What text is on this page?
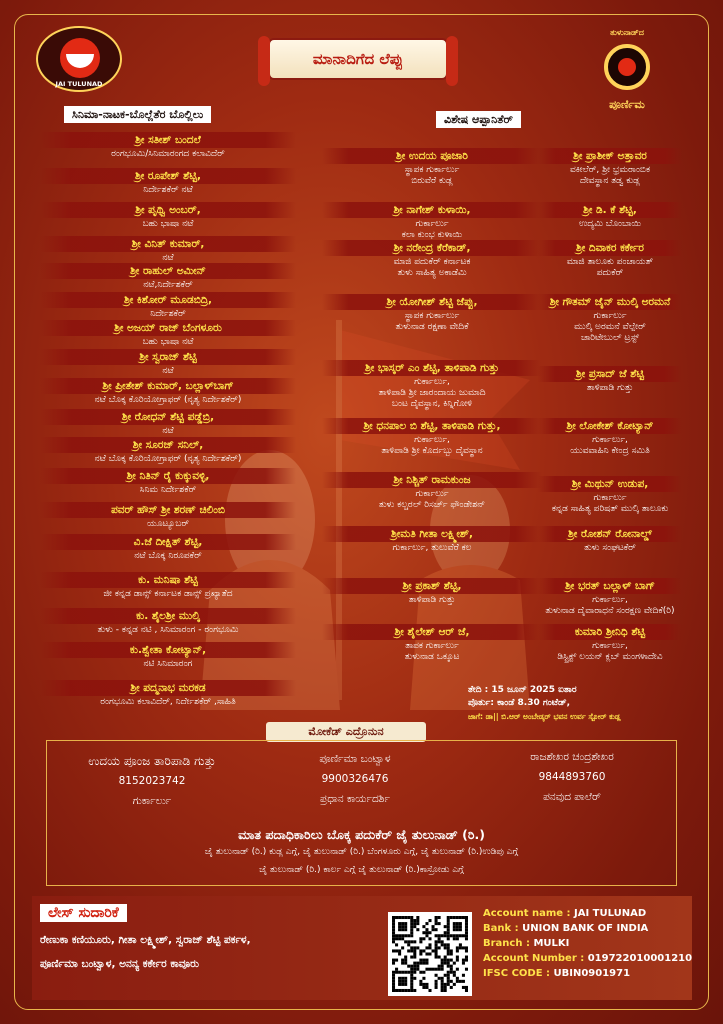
JAI TULUNAD
ತುಳುನಾಡ್‌ದ
ಪೂರ್ಣಿಮ
ಮಾನಾದಿಗೆದ ಲೆಪ್ಪು
ಸಿನಿಮಾ-ನಾಟಕ-ಬೊಲ್ಲೆತೆರ ಬೊಲ್ಲಿಲು	ವಿಶೇಷ ಆಪ್ಪಾನಿತೆರ್
ಶ್ರೀ ಸತೀಶ್ ಬಂದಲೆ
ರಂಗಭೂಮಿ/ಸಿನಿಮಾರಂಗದ ಕಲಾವಿದೆರ್
ಶ್ರೀ ರೂಪೇಶ್ ಶೆಟ್ಟಿ,
ನಿರ್ದೇಶಕೆರ್ ನಟೆ
ಶ್ರೀ ಪೃಥ್ವಿ ಅಂಬರ್,
ಬಹು ಭಾಷಾ ನಟೆ
ಶ್ರೀ ವಿನಿತ್ ಕುಮಾರ್,
ನಟೆ
ಶ್ರೀ ರಾಹುಲ್ ಅಮೀನ್
ನಟೆ,ನಿರ್ದೇಶಕೆರ್
ಶ್ರೀ ಕಿಶೋರ್ ಮೂಡಬಿದ್ರಿ,
ನಿರ್ದೇಶಕೆರ್
ಶ್ರೀ ಅಜಯ್ ರಾಜ್ ಬೆಂಗಳೂರು
ಬಹು ಭಾಷಾ ನಟೆ
ಶ್ರೀ ಸ್ವರಾಜ್ ಶೆಟ್ಟಿ
ನಟೆ
ಶ್ರೀ ಪ್ರೀತೇಶ್ ಕುಮಾರ್, ಬಲ್ಲಾಳ್‌ಬಾಗ್
ನಟೆ ಬೊಕ್ಕ ಕೊರಿಯೋಗ್ರಾಫರ್ (ನೃತ್ಯ ನಿರ್ದೇಶಕೆರ್)
ಶ್ರೀ ರೋಧನ್ ಶೆಟ್ಟಿ ಪಡ್ಡೆಬ್ರಿ,
ನಟೆ
ಶ್ರೀ ಸೂರಜ್ ಸನಿಲ್,
ನಟೆ ಬೊಕ್ಕ ಕೊರಿಯೋಗ್ರಾಫರ್ (ನೃತ್ಯ ನಿರ್ದೇಶಕೆರ್)
ಶ್ರೀ ನಿತಿನ್ ರೈ ಕುಕ್ಕುವಳ್ಳಿ,
ಸಿನಿಮ ನಿರ್ದೇಶಕೆರ್
ಪವರ್ ಹೌಸ್ ಶ್ರೀ ಶರಣ್ ಚಿಲಿಂಬಿ
ಯೂಟ್ಯೂಬರ್
ವಿ.ಜೆ ದೀಕ್ಷಿತ್ ಶೆಟ್ಟಿ,
ನಟೆ ಬೊಕ್ಕ ನಿರೂಪಕೆರ್
ಕು. ಮನಿಷಾ ಶೆಟ್ಟಿ
ಜೀ ಕನ್ನಡ ಡಾನ್ಸ್ ಕರ್ನಾಟಕ ಡಾನ್ಸ್ ಪ್ರಖ್ಯಾತೆದ
ಕು. ಶೈಲಶ್ರೀ ಮುಲ್ಕಿ
ತುಳು - ಕನ್ನಡ ನಟಿ , ಸಿನಿಮಾರಂಗ - ರಂಗಭೂಮಿ
ಕು.ಶ್ವೇತಾ ಕೋಟ್ಯಾನ್,
ನಟಿ ಸಿನಿಮಾರಂಗ
ಶ್ರೀ ಪದ್ಮನಾಭ ಮರಕಡ
ರಂಗಭೂಮಿ ಕಲಾವಿದೆರ್, ನಿರ್ದೇಶಕೆರ್ ,ಸಾಹಿತಿ
ಶ್ರೀ ಉದಯ ಪೂಜಾರಿ
ಸ್ಥಾಪಕ ಗುರ್ಕಾರ್ಲು
ಬಿರುವೆರೆ ಕುಡ್ಲ
ಶ್ರೀ ನಾಗೇಶ್ ಕುಳಾಯಿ,
ಗುರ್ಕಾರ್ಲು
ಕಲಾ ಕುಂಭ ಕುಳಾಯಿ
ಶ್ರೀ ನರೇಂದ್ರ ಕೆರೆಕಾಡ್,
ಮಾಜಿ ಪದುಕೆರ್ ಕರ್ನಾಟಕ
ತುಳು ಸಾಹಿತ್ಯ ಅಕಾಡೆಮಿ
ಶ್ರೀ ಯೋಗೀಶ್ ಶೆಟ್ಟಿ ಜೆಪ್ಪು,
ಸ್ಥಾಪಕ ಗುರ್ಕಾರ್ಲು
ತುಳುನಾಡ ರಕ್ಷಣಾ ವೇದಿಕೆ
ಶ್ರೀ ಭಾಸ್ಕರ್ ಎಂ ಶೆಟ್ಟಿ, ತಾಳಿಪಾಡಿ ಗುತ್ತು
ಗುರ್ಕಾರ್ಲು,
ತಾಳಿಪಾಡಿ ಶ್ರೀ ಜಾರಂದಾಯ ಜುಮಾದಿ
ಬಂಟ ದೈವಸ್ಥಾನ, ಕಿನ್ನಿಗೋಳಿ
ಶ್ರೀ ಧನಪಾಲ ಬಿ ಶೆಟ್ಟಿ, ತಾಳಿಪಾಡಿ ಗುತ್ತು,
ಗುರ್ಕಾರ್ಲು,
ತಾಳಿಪಾಡಿ ಶ್ರೀ ಕೊರ್ದಬ್ಬು ದೈವಸ್ಥಾನ
ಶ್ರೀ ನಿಶ್ಚಿತ್ ರಾಮಕುಂಜ
ಗುರ್ಕಾರ್ಲು
ತುಳು ಕಲ್ಚರಲ್ ರಿಸರ್ಚ್ ಫೌಂಡೇಶನ್
ಶ್ರೀಮತಿ ಗೀತಾ ಲಕ್ಷ್ಮೀಶ್,
ಗುರ್ಕಾರ್ಲು, ತುಲುವೆರೆ ಕಲ
ಶ್ರೀ ಪ್ರಕಾಶ್ ಶೆಟ್ಟಿ,
ತಾಳಿಪಾಡಿ ಗುತ್ತು
ಶ್ರೀ ಶೈಲೇಶ್ ಆರ್ ಜೆ,
ತಾಪಕ ಗುರ್ಕಾರ್ಲು
ತುಳುನಾಡ ಒಕ್ಕೂಟ
ಶ್ರೀ ಪ್ರಾಶೀಕ್ ಅತ್ತಾವರ
ವಕೀಲೆರ್, ಶ್ರೀ ಭ್ರಮರಾಂಬಿಕ
ದೇವಸ್ಥಾನ ತಡ್ವ ಕುಡ್ಲ
ಶ್ರೀ ಡಿ. ಕೆ ಶೆಟ್ಟಿ,
ಉದ್ಯಮಿ ಬೊಂಬಾಯಿ
ಶ್ರೀ ದಿವಾಕರ ಕರ್ಕೇರ
ಮಾಜಿ ತಾಲೂಕು ಪಂಚಾಯತ್
ಪದುಕೆರ್
ಶ್ರೀ ಗೌತಮ್ ಜೈನ್ ಮುಲ್ಕಿ ಅರಮನೆ
ಗುರ್ಕಾರ್ಲು
ಮುಲ್ಕಿ ಅರಮನೆ ವೆಲ್ಪೇರ್
ಚಾರಿಟೇಬುಲ್ ಟ್ರಸ್ಟ್
ಶ್ರೀ ಪ್ರಸಾದ್ ಜೆ ಶೆಟ್ಟಿ
ತಾಳಿಪಾಡಿ ಗುತ್ತು
ಶ್ರೀ ಲೋಕೇಶ್ ಕೋಟ್ಯಾನ್
ಗುರ್ಕಾರ್ಲು,
ಯುವವಾಹಿನಿ ಕೇಂದ್ರ ಸಮಿತಿ
ಶ್ರೀ ಮಿಥುನ್ ಉಡುಪ,
ಗುರ್ಕಾರ್ಲು
ಕನ್ನಡ ಸಾಹಿತ್ಯ ಪರಿಷತ್ ಮುಲ್ಕಿ ತಾಲೂಕು
ಶ್ರೀ ರೋಶನ್ ರೋನಾಲ್ಡ್
ತುಳು ಸಂಘಟಕೆರ್
ಶ್ರೀ ಭರತ್ ಬಲ್ಲಾಳ್ ಬಾಗ್
ಗುರ್ಕಾರ್ಲು,
ತುಳುನಾಡ ದೈವಾರಾಧನೆ ಸಂರಕ್ಷಣ ವೇದಿಕೆ(ರಿ)
ಕುಮಾರಿ ಶ್ರೀನಿಧಿ ಶೆಟ್ಟಿ
ಗುರ್ಕಾರ್ಲು,
ಡಿಸ್ಟ್ರಿಕ್ಟ್ ಲಯನ್ ಕ್ಲಬ್ ಮಂಗಳಾದೇವಿ
ತೇದಿ : 15 ಜೂನ್ 2025 ಐತಾರ
ಪೊರ್ತು: ಕಾಂಡೆ 8.30 ಗಂಟೆಡ್,
ಜಾಗೆ: ಡಾ|| ಬಿ.ಆರ್ ಅಂಬೇಡ್ಕರ್ ಭವನ ಉರ್ವ ಸ್ಟೋರ್ ಕುಡ್ಲ
ಮೋಕೆಡ್ ಎದ್ರೊನುನ
ಉದಯ ಪೂಂಜ ತಾರಿಪಾಡಿ ಗುತ್ತು
8152023742
ಗುರ್ಕಾರ್ಲು
ಪೂರ್ಣಿಮಾ ಬಂಟ್ವಾಳ
9900326476
ಪ್ರಧಾನ ಕಾರ್ಯದರ್ಶಿ
ರಾಜಶೇಖರ ಚಂದ್ರಶೇಖರ
9844893760
ಪನವುದ ಪಾಲೆರ್
ಮಾತ ಪದಾಧಿಕಾರಿಲು ಬೊಕ್ಕ ಪದುಕೆರ್ ಜೈ ತುಲುನಾಡ್ (ರಿ.)
ಜೈ ತುಲುನಾಡ್ (ರಿ.) ಕುಡ್ಲ ಎಗ್ಗೆ, ಜೈ ತುಲುನಾಡ್ (ರಿ.) ಬೆಂಗಳೂರು ಎಗ್ಗೆ, ಜೈ ತುಲುನಾಡ್ (ರಿ.)ಉಡಿಪು ಎಗ್ಗೆ
ಜೈ ತುಲುನಾಡ್ (ರಿ.) ಕಾರ್ಲ ಎಗ್ಗೆ ಜೈ ತುಲುನಾಡ್ (ರಿ.)ಕಾಸ್ರೋಡು ಎಗ್ಗೆ
ಲೇಸ್ ಸುದಾರಿಕೆ
ರೇಣುಕಾ ಕಣಿಯೂರು, ಗೀತಾ ಲಕ್ಷ್ಮೀಶ್, ಸ್ವರಾಜ್ ಶೆಟ್ಟಿ ಪರ್ಕಳ,
ಪೂರ್ಣಿಮಾ ಬಂಟ್ವಾಳ, ಅನನ್ಯ ಕರ್ಕೇರ ಕಾವೂರು
Account name : JAI TULUNAD
Bank : UNION BANK OF INDIA
Branch : MULKI
Account Number : 019722010001210
IFSC CODE : UBIN0901971
